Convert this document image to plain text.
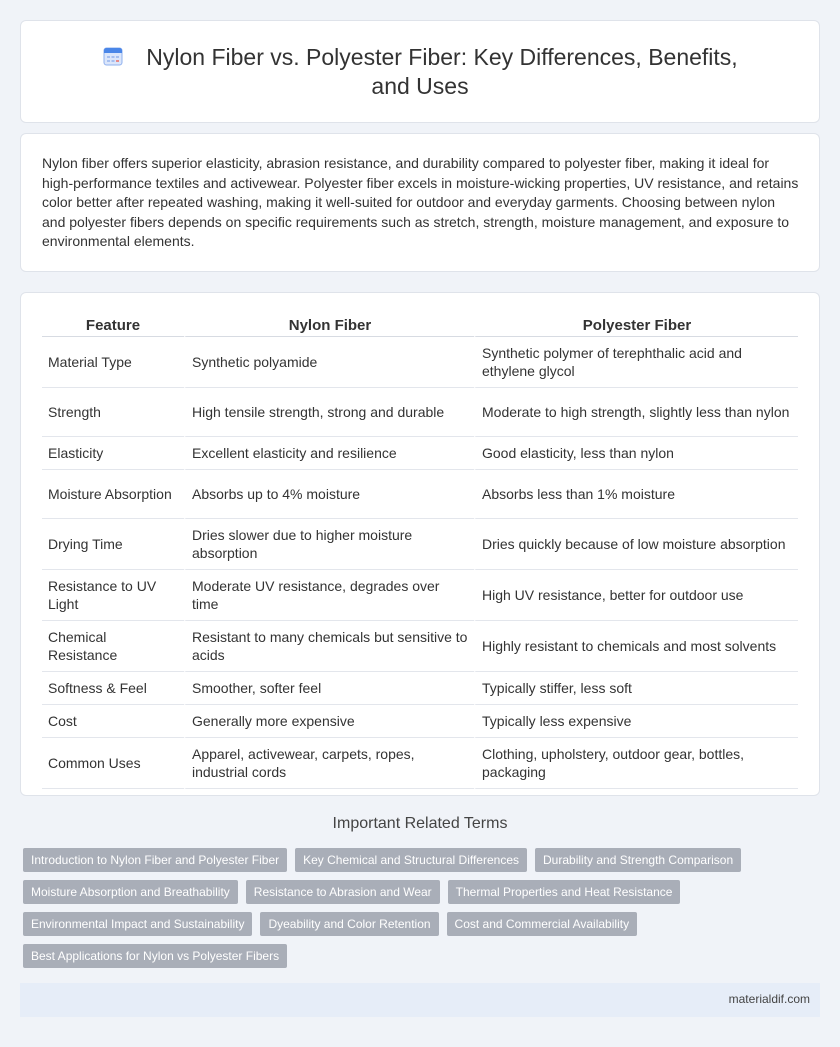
Nylon Fiber vs. Polyester Fiber: Key Differences, Benefits, and Uses

Nylon fiber offers superior elasticity, abrasion resistance, and durability compared to polyester fiber, making it ideal for high-performance textiles and activewear. Polyester fiber excels in moisture-wicking properties, UV resistance, and retains color better after repeated washing, making it well-suited for outdoor and everyday garments. Choosing between nylon and polyester fibers depends on specific requirements such as stretch, strength, moisture management, and exposure to environmental elements.

Feature	Nylon Fiber	Polyester Fiber
Material Type	Synthetic polyamide	Synthetic polymer of terephthalic acid and ethylene glycol
Strength	High tensile strength, strong and durable	Moderate to high strength, slightly less than nylon
Elasticity	Excellent elasticity and resilience	Good elasticity, less than nylon
Moisture Absorption	Absorbs up to 4% moisture	Absorbs less than 1% moisture
Drying Time	Dries slower due to higher moisture absorption	Dries quickly because of low moisture absorption
Resistance to UV Light	Moderate UV resistance, degrades over time	High UV resistance, better for outdoor use
Chemical Resistance	Resistant to many chemicals but sensitive to acids	Highly resistant to chemicals and most solvents
Softness & Feel	Smoother, softer feel	Typically stiffer, less soft
Cost	Generally more expensive	Typically less expensive
Common Uses	Apparel, activewear, carpets, ropes, industrial cords	Clothing, upholstery, outdoor gear, bottles, packaging
Important Related Terms
Introduction to Nylon Fiber and Polyester Fiber	Key Chemical and Structural Differences	Durability and Strength Comparison
Moisture Absorption and Breathability	Resistance to Abrasion and Wear	Thermal Properties and Heat Resistance
Environmental Impact and Sustainability	Dyeability and Color Retention	Cost and Commercial Availability
Best Applications for Nylon vs Polyester Fibers
materialdif.com
